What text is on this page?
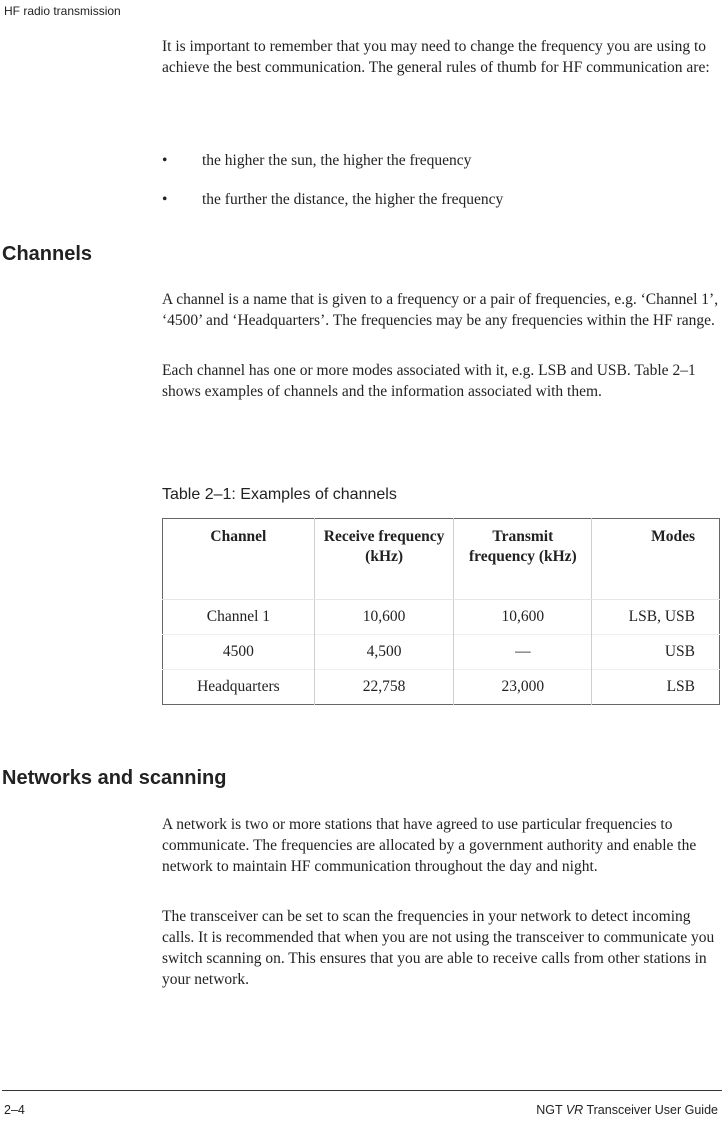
HF radio transmission

It is important to remember that you may need to change the frequency you are using to achieve the best communication. The general rules of thumb for HF communication are:

• the higher the sun, the higher the frequency
• the further the distance, the higher the frequency
Channels

A channel is a name that is given to a frequency or a pair of frequencies, e.g. ‘Channel 1’, ‘4500’ and ‘Headquarters’. The frequencies may be any frequencies within the HF range.

Each channel has one or more modes associated with it, e.g. LSB and USB. Table 2–1 shows examples of channels and the information associated with them.

Table 2–1: Examples of channels
Channel	Receive frequency (kHz)	Transmit frequency (kHz)	Modes
Channel 1	10,600	10,600	LSB, USB
4500	4,500	—	USB
Headquarters	22,758	23,000	LSB
Networks and scanning

A network is two or more stations that have agreed to use particular frequencies to communicate. The frequencies are allocated by a government authority and enable the network to maintain HF communication throughout the day and night.

The transceiver can be set to scan the frequencies in your network to detect incoming calls. It is recommended that when you are not using the transceiver to communicate you switch scanning on. This ensures that you are able to receive calls from other stations in your network.

2–4	NGT VR Transceiver User Guide
